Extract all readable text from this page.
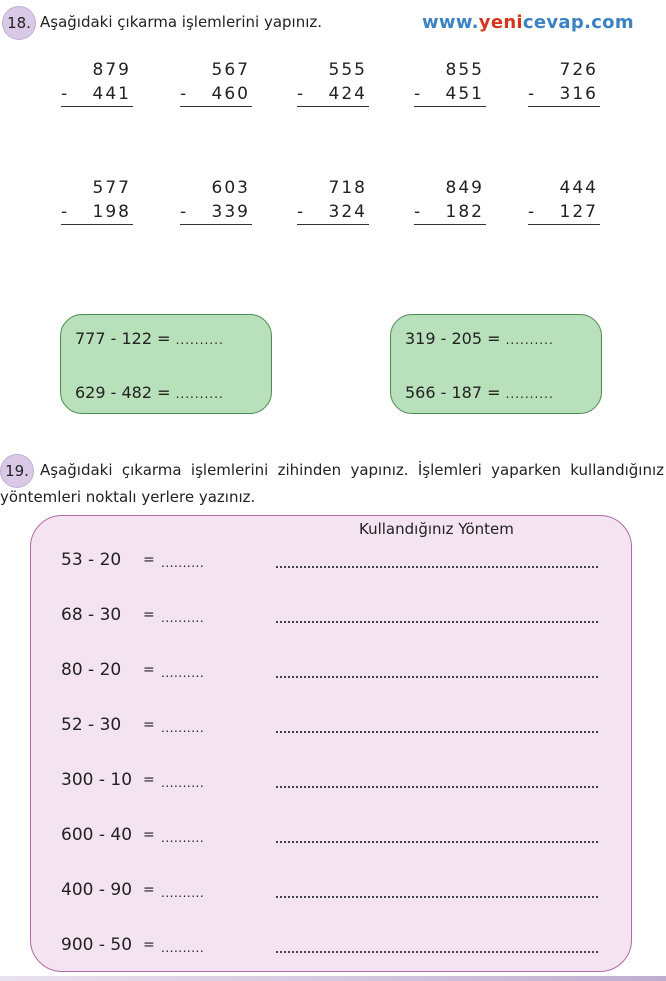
18. Aşağıdaki çıkarma işlemlerini yapınız.	www.yenicevap.com
879
- 441
567
- 460
555
- 424
855
- 451
726
- 316
577
- 198
603
- 339
718
- 324
849
- 182
444
- 127
777 - 122 = ..........
629 - 482 = ..........
319 - 205 = ..........
566 - 187 = ..........
19. Aşağıdaki çıkarma işlemlerini zihinden yapınız. İşlemleri yaparken kullandığınız yöntemleri noktalı yerlere yazınız.
Kullandığınız Yöntem
53 - 20 = ..........
68 - 30 = ..........
80 - 20 = ..........
52 - 30 = ..........
300 - 10 = ..........
600 - 40 = ..........
400 - 90 = ..........
900 - 50 = ..........
